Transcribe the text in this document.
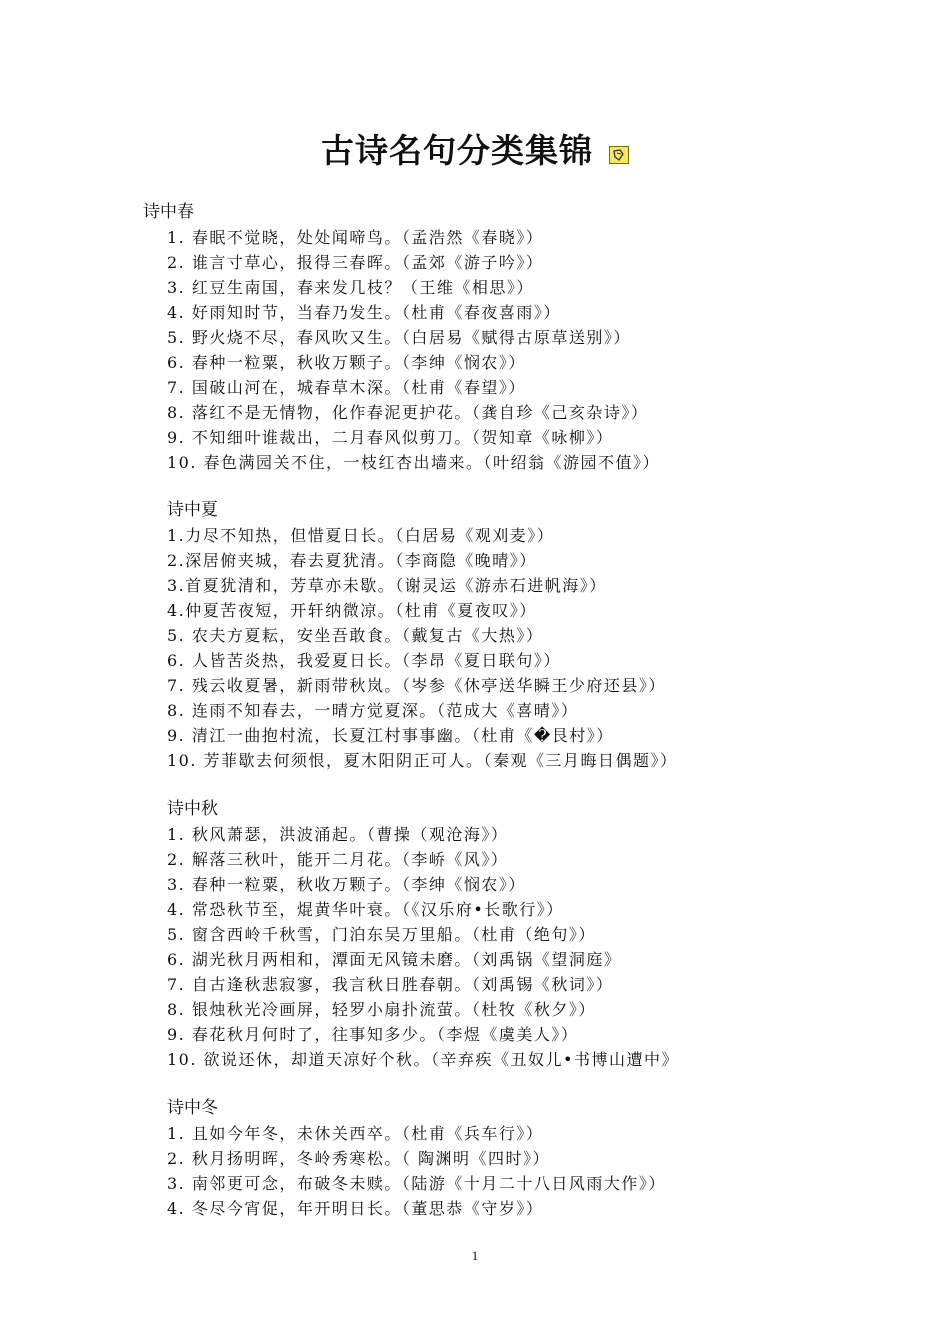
古诗名句分类集锦
诗中春
1. 春眠不觉晓，处处闻啼鸟。（孟浩然《春晓》）
2. 谁言寸草心，报得三春晖。（孟郊《游子吟》）
3. 红豆生南国，春来发几枝？（王维《相思》）
4. 好雨知时节，当春乃发生。（杜甫《春夜喜雨》）
5. 野火烧不尽，春风吹又生。（白居易《赋得古原草送别》）
6. 春种一粒粟，秋收万颗子。（李绅《悯农》）
7. 国破山河在，城春草木深。（杜甫《春望》）
8. 落红不是无情物，化作春泥更护花。（龚自珍《己亥杂诗》）
9. 不知细叶谁裁出，二月春风似剪刀。（贺知章《咏柳》）
10. 春色满园关不住，一枝红杏出墙来。（叶绍翁《游园不值》）
诗中夏
1.力尽不知热，但惜夏日长。（白居易《观刈麦》）
2.深居俯夹城，春去夏犹清。（李商隐《晚晴》）
3.首夏犹清和，芳草亦未歇。（谢灵运《游赤石进帆海》）
4.仲夏苦夜短，开轩纳微凉。（杜甫《夏夜叹》）
5. 农夫方夏耘，安坐吾敢食。（戴复古《大热》）
6. 人皆苦炎热，我爱夏日长。（李昂《夏日联句》）
7. 残云收夏暑，新雨带秋岚。（岑参《休亭送华瞬王少府还县》）
8. 连雨不知春去，一晴方觉夏深。（范成大《喜晴》）
9. 清江一曲抱村流，长夏江村事事幽。（杜甫《�艮村》）
10. 芳菲歇去何须恨，夏木阳阴正可人。（秦观《三月晦日偶题》）
诗中秋
1. 秋风萧瑟，洪波涌起。（曹操（观沧海》）
2. 解落三秋叶，能开二月花。（李峤《风》）
3. 春种一粒粟，秋收万颗子。（李绅《悯农》）
4. 常恐秋节至，焜黄华叶衰。（《汉乐府•长歌行》）
5. 窗含西岭千秋雪，门泊东吴万里船。（杜甫（绝句》）
6. 湖光秋月两相和，潭面无风镜未磨。（刘禹锅《望洞庭》
7. 自古逢秋悲寂寥，我言秋日胜春朝。（刘禹锡《秋词》）
8. 银烛秋光冷画屏，轻罗小扇扑流萤。（杜牧《秋夕》）
9. 春花秋月何时了，往事知多少。（李煜《虞美人》）
10. 欲说还休，却道天凉好个秋。（辛弃疾《丑奴儿•书博山遭中》
诗中冬
1. 且如今年冬，未休关西卒。（杜甫《兵车行》）
2. 秋月扬明晖，冬岭秀寒松。（ 陶渊明《四时》）
3. 南邻更可念，布破冬未赎。（陆游《十月二十八日风雨大作》）
4. 冬尽今宵促，年开明日长。（董思恭《守岁》）
1
